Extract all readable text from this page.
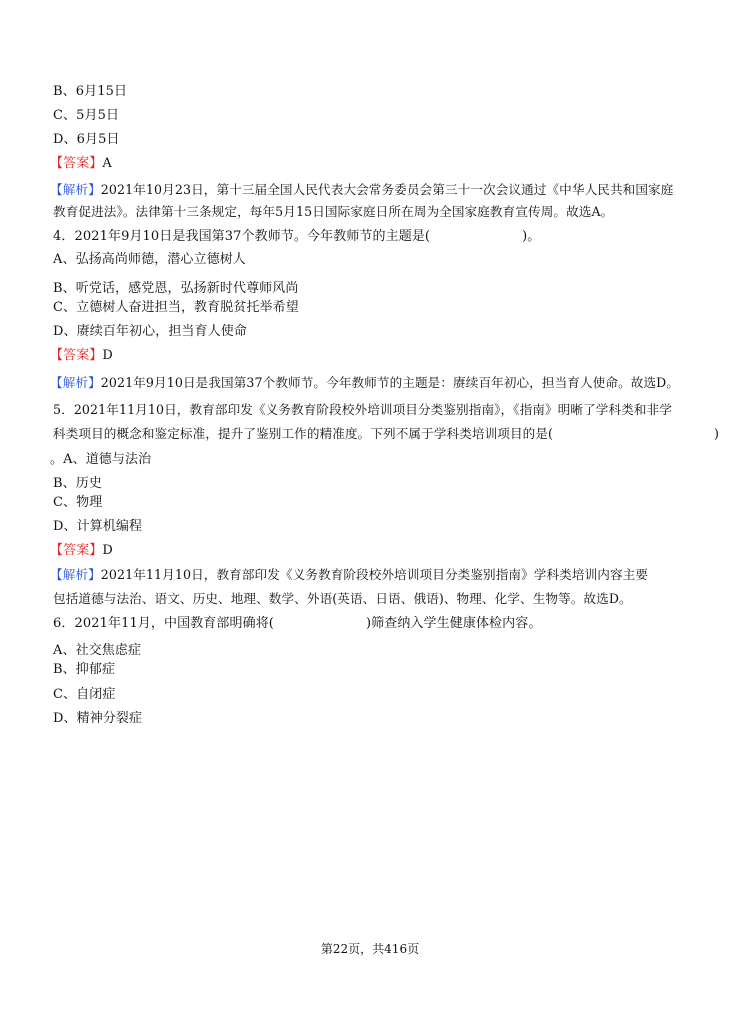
B、6月15日
C、5月5日
D、6月5日
【答案】A
【解析】2021年10月23日，第十三届全国人民代表大会常务委员会第三十一次会议通过《中华人民共和国家庭
教育促进法》。法律第十三条规定，每年5月15日国际家庭日所在周为全国家庭教育宣传周。故选A。
4．2021年9月10日是我国第37个教师节。今年教师节的主题是(	)。
A、弘扬高尚师德，潜心立德树人
B、听党话，感党恩，弘扬新时代尊师风尚
C、立德树人奋进担当，教育脱贫托举希望
D、赓续百年初心，担当育人使命
【答案】D
【解析】2021年9月10日是我国第37个教师节。今年教师节的主题是：赓续百年初心，担当育人使命。故选D。
5．2021年11月10日，教育部印发《义务教育阶段校外培训项目分类鉴别指南》，《指南》明晰了学科类和非学
科类项目的概念和鉴定标准，提升了鉴别工作的精准度。下列不属于学科类培训项目的是(	)
。A、道德与法治
B、历史
C、物理
D、计算机编程
【答案】D
【解析】2021年11月10日，教育部印发《义务教育阶段校外培训项目分类鉴别指南》学科类培训内容主要
包括道德与法治、语文、历史、地理、数学、外语(英语、日语、俄语)、物理、化学、生物等。故选D。
6．2021年11月，中国教育部明确将(	)筛查纳入学生健康体检内容。
A、社交焦虑症
B、抑郁症
C、自闭症
D、精神分裂症
第22页，共416页
